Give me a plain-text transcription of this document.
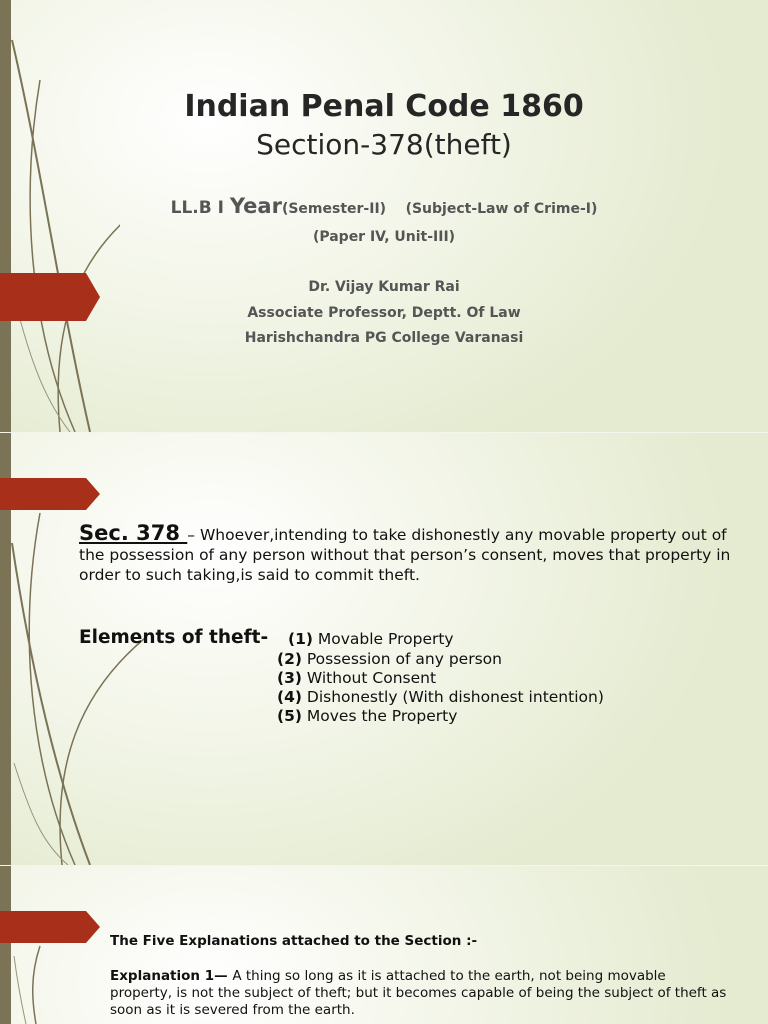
Indian Penal Code 1860
Section-378(theft)
LL.B I Year(Semester-II) (Subject-Law of Crime-I)
(Paper IV, Unit-III)
Dr. Vijay Kumar Rai
Associate Professor, Deptt. Of Law
Harishchandra PG College Varanasi
Sec. 378 – Whoever,intending to take dishonestly any movable property out of the possession of any person without that person’s consent, moves that property in order to such taking,is said to commit theft.
Elements of theft- (1) Movable Property
(2) Possession of any person
(3) Without Consent
(4) Dishonestly (With dishonest intention)
(5) Moves the Property
The Five Explanations attached to the Section :-
Explanation 1— A thing so long as it is attached to the earth, not being movable property, is not the subject of theft; but it becomes capable of being the subject of theft as soon as it is severed from the earth.
